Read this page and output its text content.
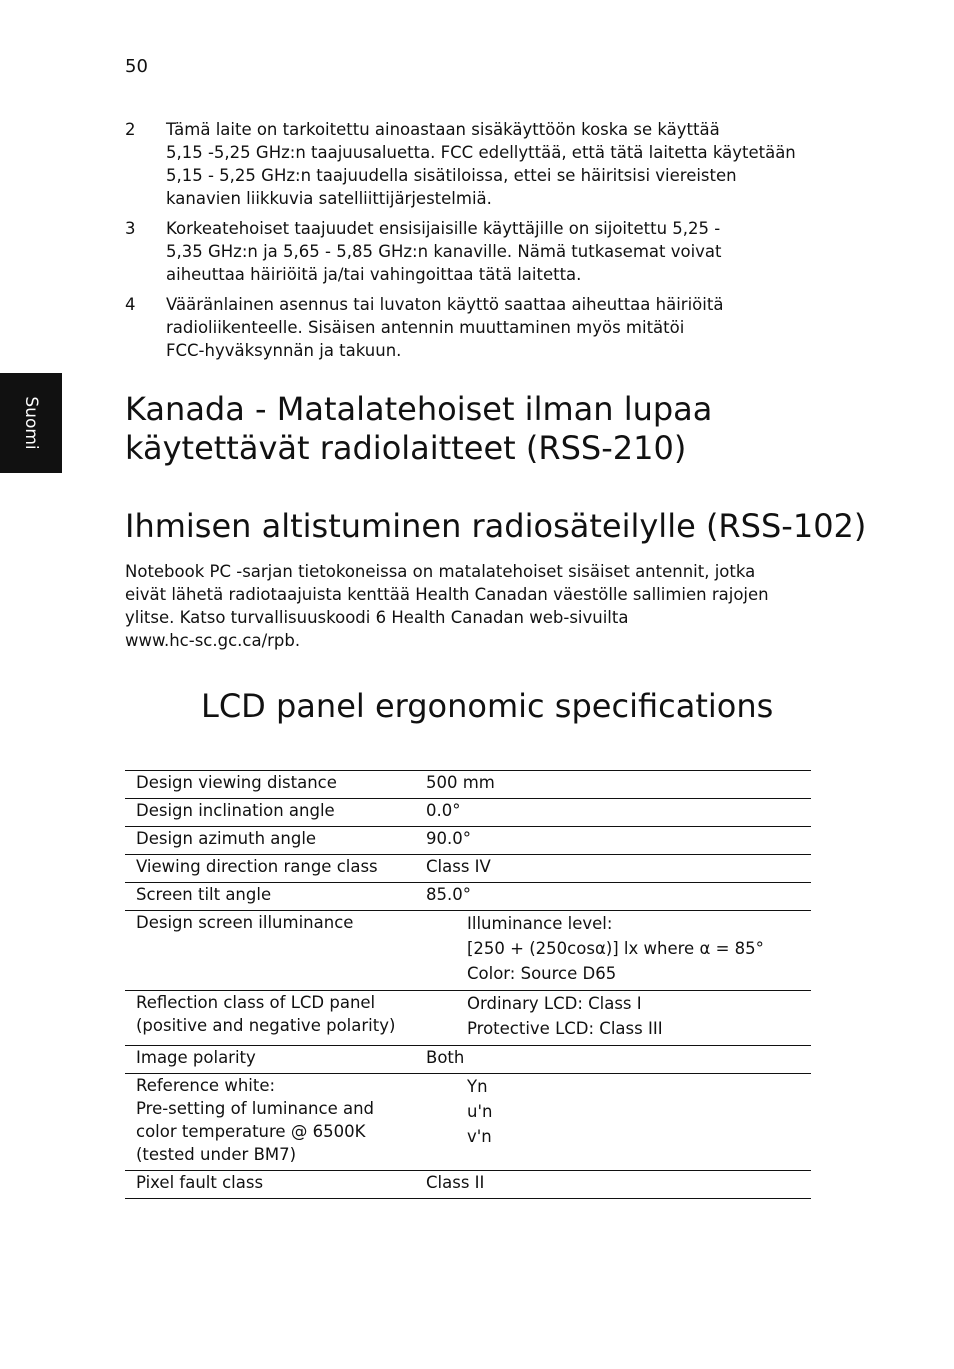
50
Suomi
2	Tämä laite on tarkoitettu ainoastaan sisäkäyttöön koska se käyttää
5,15 -5,25 GHz:n taajuusaluetta. FCC edellyttää, että tätä laitetta käytetään
5,15 - 5,25 GHz:n taajuudella sisätiloissa, ettei se häiritsisi viereisten
kanavien liikkuvia satelliittijärjestelmiä.
3	Korkeatehoiset taajuudet ensisijaisille käyttäjille on sijoitettu 5,25 -
5,35 GHz:n ja 5,65 - 5,85 GHz:n kanaville. Nämä tutkasemat voivat
aiheuttaa häiriöitä ja/tai vahingoittaa tätä laitetta.
4	Vääränlainen asennus tai luvaton käyttö saattaa aiheuttaa häiriöitä
radioliikenteelle. Sisäisen antennin muuttaminen myös mitätöi
FCC-hyväksynnän ja takuun.
Kanada - Matalatehoiset ilman lupaa
käytettävät radiolaitteet (RSS-210)
Ihmisen altistuminen radiosäteilylle (RSS-102)
Notebook PC -sarjan tietokoneissa on matalatehoiset sisäiset antennit, jotka
eivät lähetä radiotaajuista kenttää Health Canadan väestölle sallimien rajojen
ylitse. Katso turvallisuuskoodi 6 Health Canadan web-sivuilta
www.hc-sc.gc.ca/rpb.
LCD panel ergonomic specifications
Design viewing distance	500 mm

Design inclination angle	0.0°

Design azimuth angle	90.0°

Viewing direction range class	Class IV

Screen tilt angle	85.0°

Design screen illuminance	Illuminance level:
[250 + (250cosα)] lx where α = 85°
Color: Source D65

Reflection class of LCD panel
(positive and negative polarity)	Ordinary LCD: Class I
Protective LCD: Class III

Image polarity	Both

Reference white:
Pre-setting of luminance and
color temperature @ 6500K
(tested under BM7)	Yn
u'n
v'n

Pixel fault class	Class II
